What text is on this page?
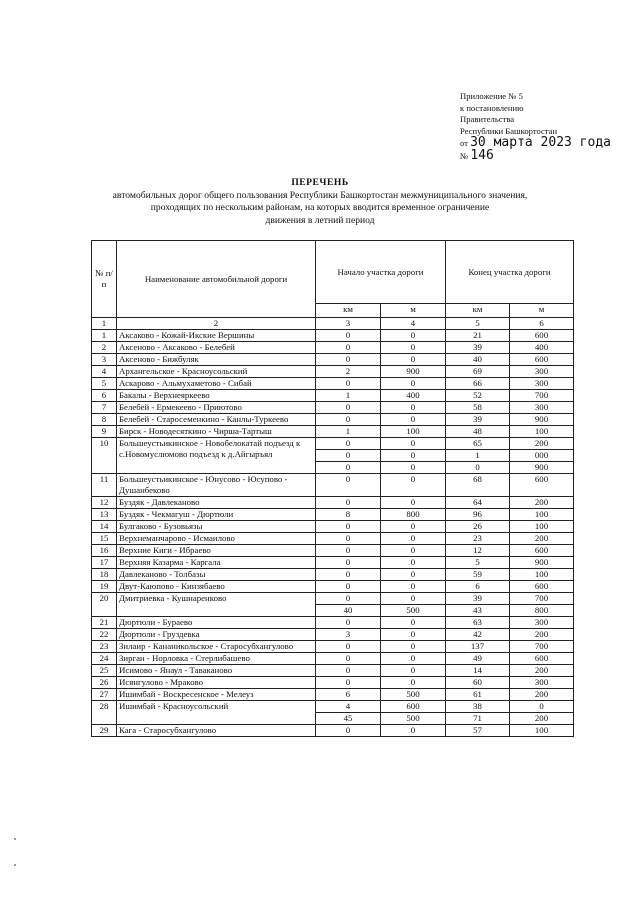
Приложение № 5
к постановлению
Правительства
Республики Башкортостан
от 30 марта 2023 года
№ 146
ПЕРЕЧЕНЬ
автомобильных дорог общего пользования Республики Башкортостан межмуниципального значения,
проходящих по нескольким районам, на которых вводится временное ограничение
движения в летний период
№ п/п	Наименование автомобильной дороги	Начало участка дороги		Конец участка дороги	
		км	м	км	м
1	2	3	4	5	6
1	Аксаково - Кожай-Икские Вершины	0	0	21	600
2	Аксеново - Аксаково - Белебей	0	0	39	400
3	Аксеново - Бижбуляк	0	0	40	600
4	Архангельское - Красноусольский	2	900	69	300
5	Аскарово - Альмухаметово - Сибай	0	0	66	300
6	Бакалы - Верхнеяркеево	1	400	52	700
7	Белебей - Ермекеево - Приютово	0	0	58	300
8	Белебей - Старосеменкино - Канлы-Туркеево	0	0	39	900
9	Бирск - Новодесяткино - Чирша-Тартыш	1	100	48	100
10	Большеустьикинское - Новобелокатай подъезд к с.Новомуслюмово подъезд к д.Айгыръял	0	0	65	200
		0	0	1	000
		0	0	0	900
11	Большеустьикинское - Юнусово - Юсупово - Душанбеково	0	0	68	600
12	Буздяк - Давлеканово	0	0	64	200
13	Буздяк - Чекмагуш - Дюртюли	8	800	96	100
14	Булгаково - Бузовьязы	0	0	26	100
15	Верхнеманчарово - Исмаилово	0	0	23	200
16	Верхние Киги - Ибраево	0	0	12	600
17	Верхняя Казарма - Каргала	0	0	5	900
18	Давлеканово - Толбазы	0	0	59	100
19	Двут-Каюпово - Кинзябаево	0	0	6	600
20	Дмитриевка - Кушнаренково	0	0	39	700
		40	500	43	800
21	Дюртюли - Бураево	0	0	63	300
22	Дюртюли - Груздевка	3	0	42	200
23	Зилаир - Кананикольское - Старосубхангулово	0	0	137	700
24	Зирган - Норловка - Стерлибашево	0	0	49	600
25	Исимово - Янаул - Таваканово	0	0	14	200
26	Исянгулово - Мраково	0	0	60	300
27	Ишимбай - Воскресенское - Мелеуз	6	500	61	200
28	Ишимбай - Красноусольский	4	600	38	0
		45	500	71	200
29	Кага - Старосубхангулово	0	0	57	100
